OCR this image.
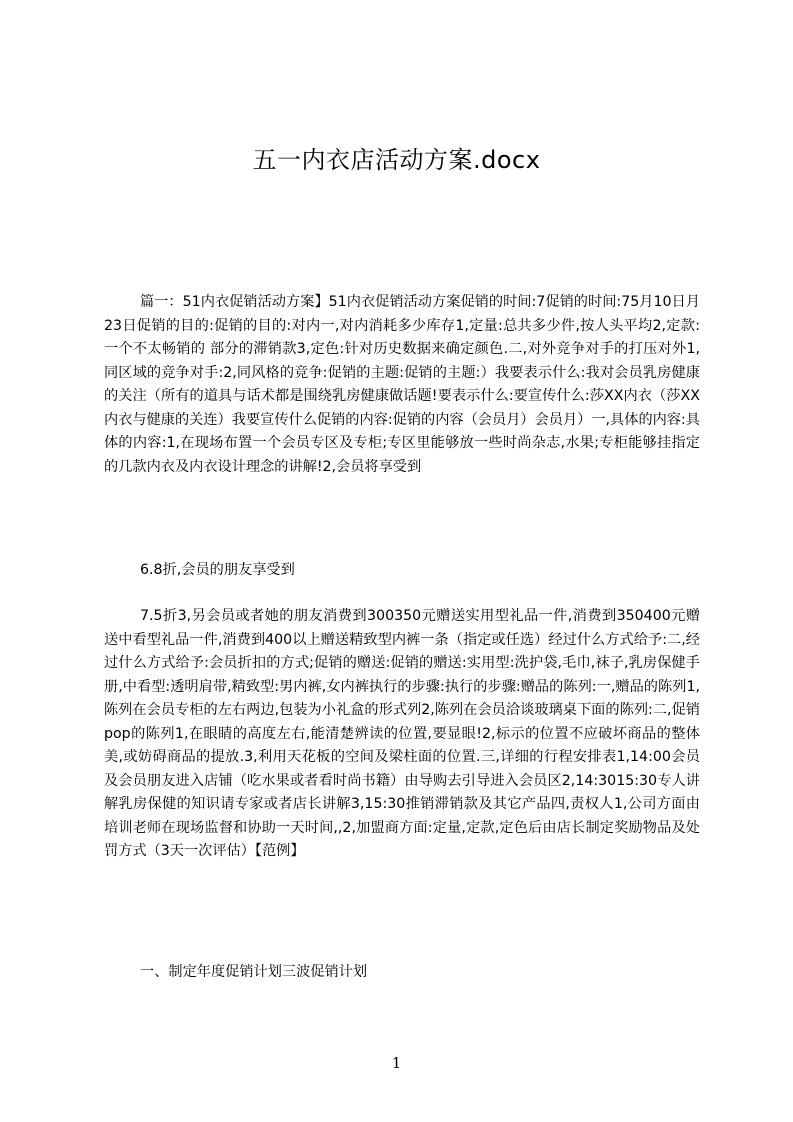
五一内衣店活动方案.docx

篇一：51内衣促销活动方案】51内衣促销活动方案促销的时间:7促销的时间:75月10日月23日促销的目的:促销的目的:对内一,对内消耗多少库存1,定量:总共多少件,按人头平均2,定款:一个不太畅销的 部分的滞销款3,定色:针对历史数据来确定颜色.二,对外竞争对手的打压对外1,同区域的竞争对手:2,同风格的竞争:促销的主题:促销的主题:）我要表示什么:我对会员乳房健康的关注（所有的道具与话术都是围绕乳房健康做话题!要表示什么:要宣传什么:莎XX内衣（莎XX内衣与健康的关连）我要宣传什么促销的内容:促销的内容（会员月）会员月）一,具体的内容:具体的内容:1,在现场布置一个会员专区及专柜;专区里能够放一些时尚杂志,水果;专柜能够挂指定的几款内衣及内衣设计理念的讲解!2,会员将享受到

6.8折,会员的朋友享受到

7.5折3,另会员或者她的朋友消费到300350元赠送实用型礼品一件,消费到350400元赠送中看型礼品一件,消费到400以上赠送精致型内裤一条（指定或任选）经过什么方式给予:二,经过什么方式给予:会员折扣的方式;促销的赠送:促销的赠送:实用型:洗护袋,毛巾,袜子,乳房保健手册,中看型:透明肩带,精致型:男内裤,女内裤执行的步骤:执行的步骤:赠品的陈列:一,赠品的陈列1,陈列在会员专柜的左右两边,包装为小礼盒的形式列2,陈列在会员洽谈玻璃桌下面的陈列:二,促销pop的陈列1,在眼睛的高度左右,能清楚辨读的位置,要显眼!2,标示的位置不应破坏商品的整体美,或妨碍商品的提放.3,利用天花板的空间及梁柱面的位置.三,详细的行程安排表1,14:00会员及会员朋友进入店铺（吃水果或者看时尚书籍）由导购去引导进入会员区2,14:3015:30专人讲解乳房保健的知识请专家或者店长讲解3,15:30推销滞销款及其它产品四,责权人1,公司方面由培训老师在现场监督和协助一天时间,,2,加盟商方面:定量,定款,定色后由店长制定奖励物品及处罚方式（3天一次评估）【范例】

一、制定年度促销计划三波促销计划

1
